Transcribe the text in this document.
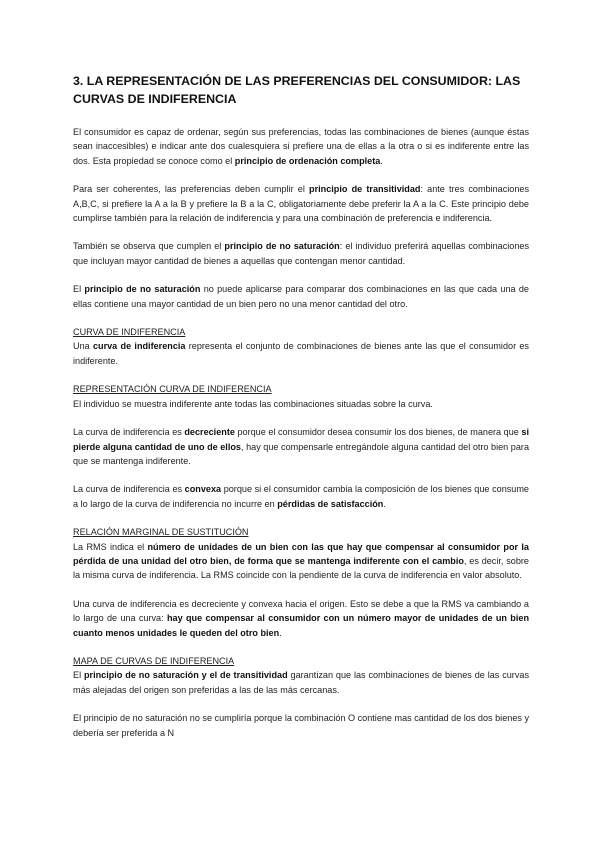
3. LA REPRESENTACIÓN DE LAS PREFERENCIAS DEL CONSUMIDOR: LAS CURVAS DE INDIFERENCIA

El consumidor es capaz de ordenar, según sus preferencias, todas las combinaciones de bienes (aunque éstas sean inaccesibles) e indicar ante dos cualesquiera si prefiere una de ellas a la otra o si es indiferente entre las dos. Esta propiedad se conoce como el principio de ordenación completa.

Para ser coherentes, las preferencias deben cumplir el principio de transitividad: ante tres combinaciones A,B,C, si prefiere la A a la B y prefiere la B a la C, obligatoriamente debe preferir la A a la C. Este principio debe cumplirse también para la relación de indiferencia y para una combinación de preferencia e indiferencia.

También se observa que cumplen el principio de no saturación: el individuo preferirá aquellas combinaciones que incluyan mayor cantidad de bienes a aquellas que contengan menor cantidad.

El principio de no saturación no puede aplicarse para comparar dos combinaciones en las que cada una de ellas contiene una mayor cantidad de un bien pero no una menor cantidad del otro.

CURVA DE INDIFERENCIA

Una curva de indiferencia representa el conjunto de combinaciones de bienes ante las que el consumidor es indiferente.

REPRESENTACIÓN CURVA DE INDIFERENCIA

El individuo se muestra indiferente ante todas las combinaciones situadas sobre la curva.

La curva de indiferencia es decreciente porque el consumidor desea consumir los dos bienes, de manera que si pierde alguna cantidad de uno de ellos, hay que compensarle entregándole alguna cantidad del otro bien para que se mantenga indiferente.

La curva de indiferencia es convexa porque si el consumidor cambia la composición de los bienes que consume a lo largo de la curva de indiferencia no incurre en pérdidas de satisfacción.

RELACIÓN MARGINAL DE SUSTITUCIÓN

La RMS indica el número de unidades de un bien con las que hay que compensar al consumidor por la pérdida de una unidad del otro bien, de forma que se mantenga indiferente con el cambio, es decir, sobre la misma curva de indiferencia. La RMS coincide con la pendiente de la curva de indiferencia en valor absoluto.

Una curva de indiferencia es decreciente y convexa hacia el origen. Esto se debe a que la RMS va cambiando a lo largo de una curva: hay que compensar al consumidor con un número mayor de unidades de un bien cuanto menos unidades le queden del otro bien.

MAPA DE CURVAS DE INDIFERENCIA

El principio de no saturación y el de transitividad garantizan que las combinaciones de bienes de las curvas más alejadas del origen son preferidas a las de las más cercanas.

El principio de no saturación no se cumpliría porque la combinación O contiene mas cantidad de los dos bienes y debería ser preferida a N
